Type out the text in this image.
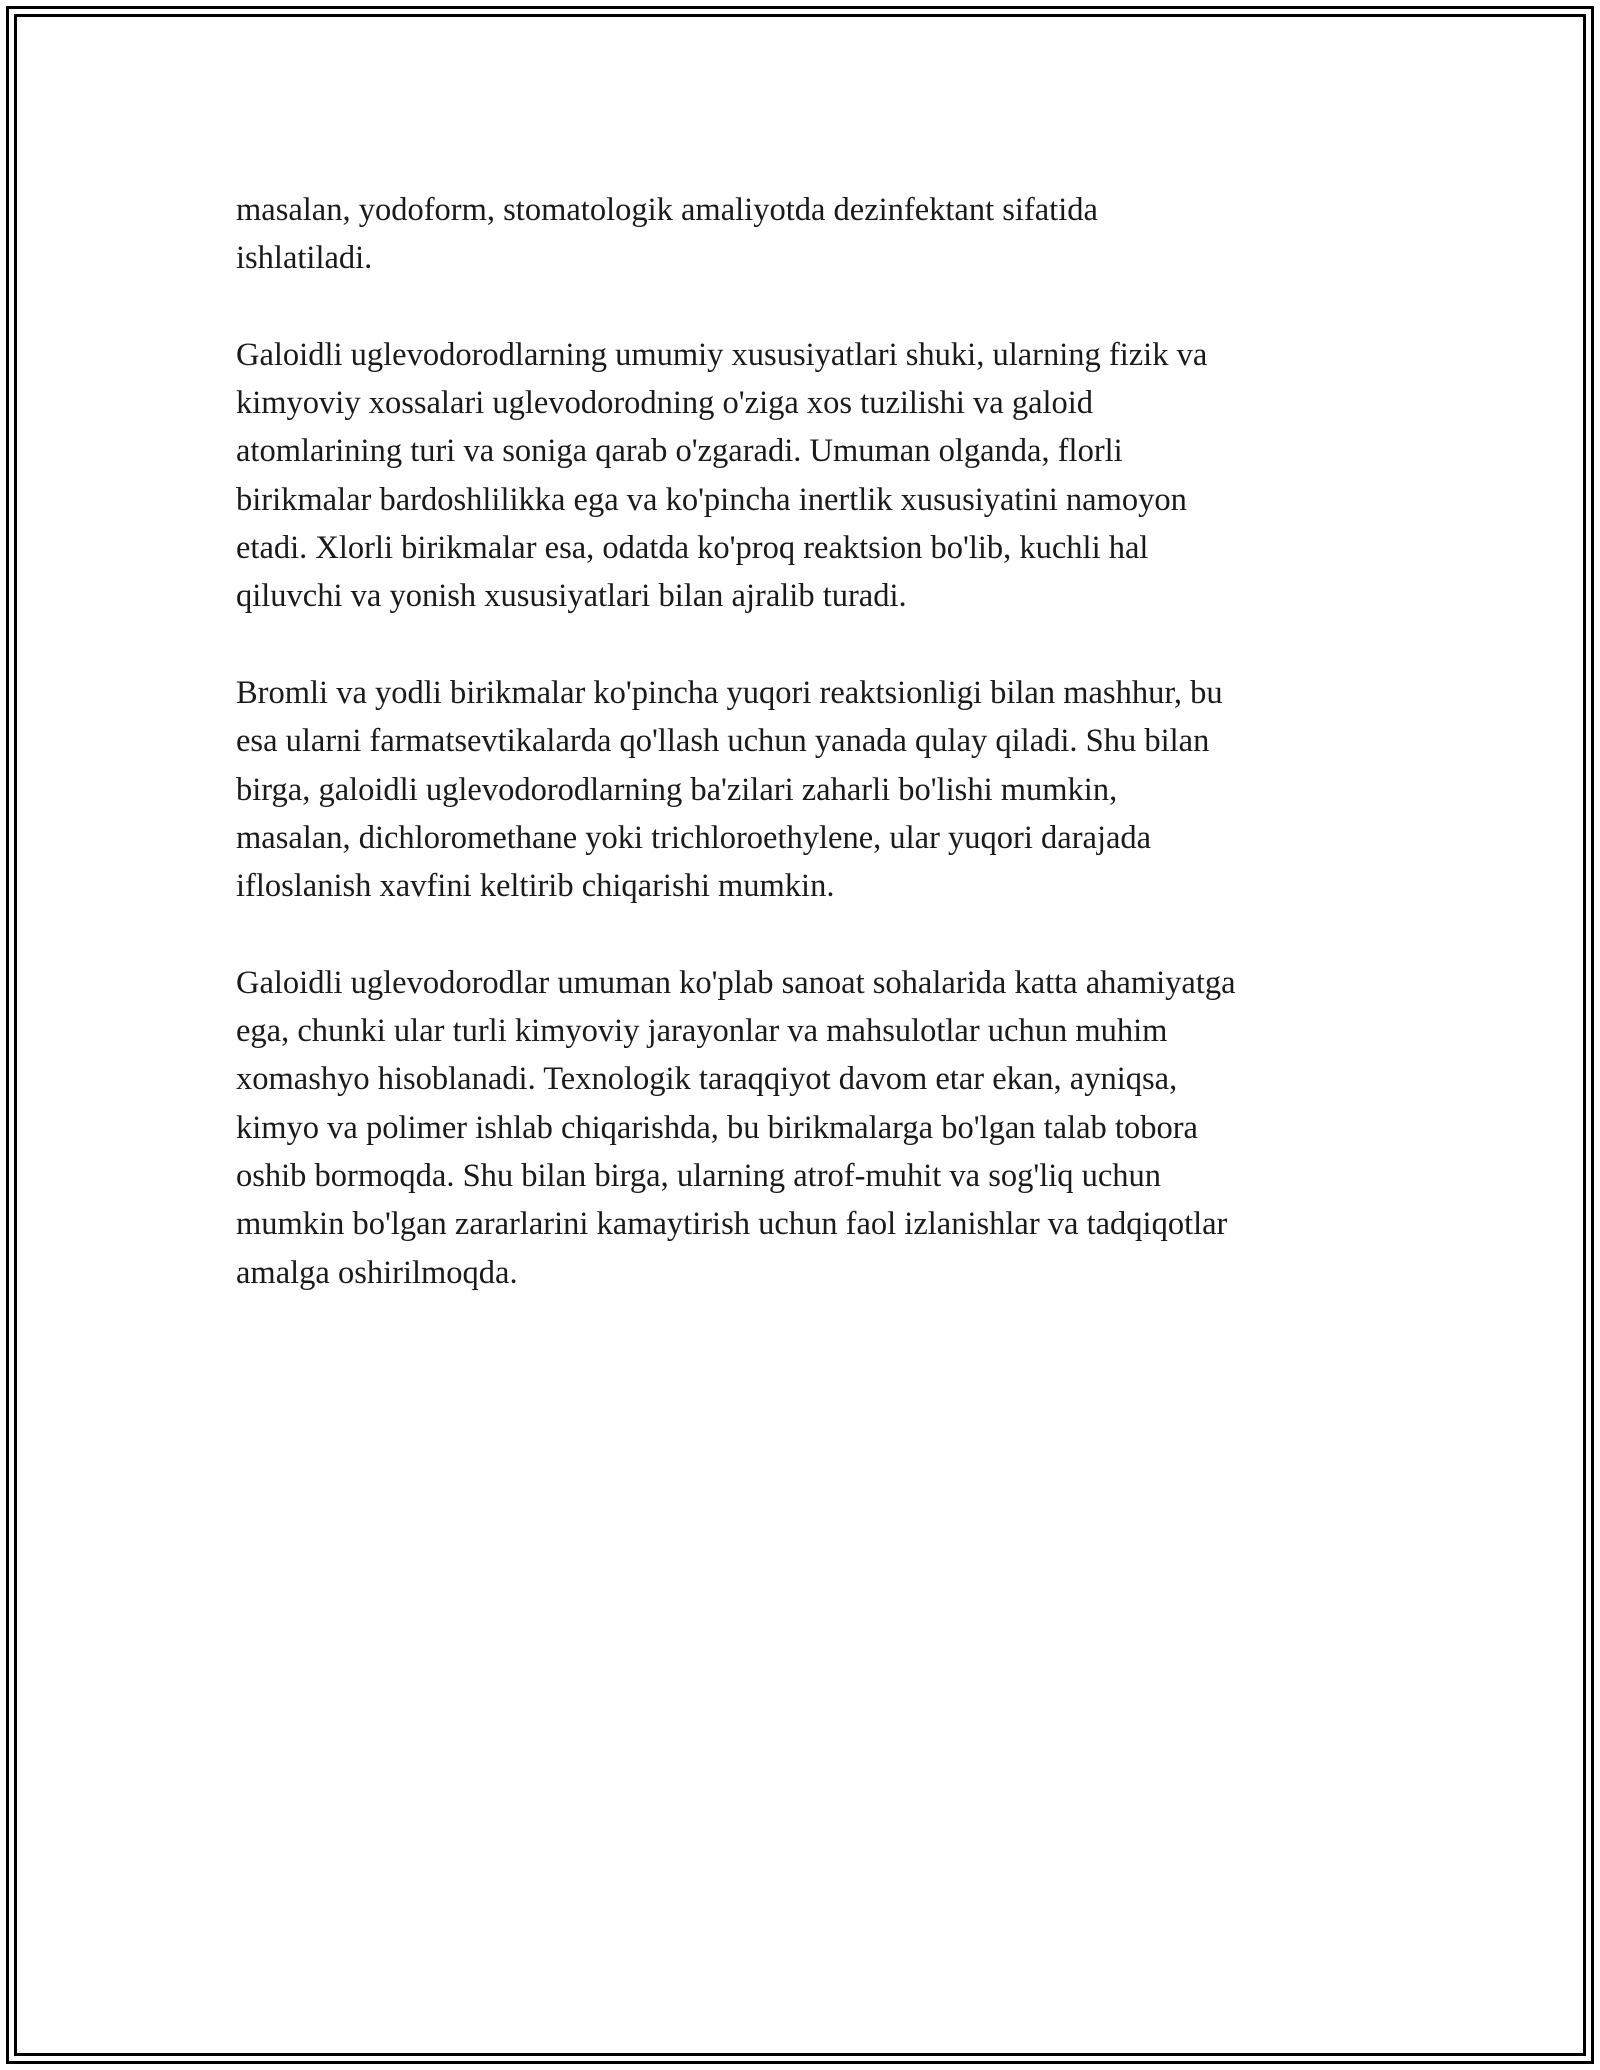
masalan, yodoform, stomatologik amaliyotda dezinfektant sifatida
ishlatiladi.

Galoidli uglevodorodlarning umumiy xususiyatlari shuki, ularning fizik va
kimyoviy xossalari uglevodorodning o'ziga xos tuzilishi va galoid
atomlarining turi va soniga qarab o'zgaradi. Umuman olganda, florli
birikmalar bardoshlilikka ega va ko'pincha inertlik xususiyatini namoyon
etadi. Xlorli birikmalar esa, odatda ko'proq reaktsion bo'lib, kuchli hal
qiluvchi va yonish xususiyatlari bilan ajralib turadi.

Bromli va yodli birikmalar ko'pincha yuqori reaktsionligi bilan mashhur, bu
esa ularni farmatsevtikalarda qo'llash uchun yanada qulay qiladi. Shu bilan
birga, galoidli uglevodorodlarning ba'zilari zaharli bo'lishi mumkin,
masalan, dichloromethane yoki trichloroethylene, ular yuqori darajada
ifloslanish xavfini keltirib chiqarishi mumkin.

Galoidli uglevodorodlar umuman ko'plab sanoat sohalarida katta ahamiyatga
ega, chunki ular turli kimyoviy jarayonlar va mahsulotlar uchun muhim
xomashyo hisoblanadi. Texnologik taraqqiyot davom etar ekan, ayniqsa,
kimyo va polimer ishlab chiqarishda, bu birikmalarga bo'lgan talab tobora
oshib bormoqda. Shu bilan birga, ularning atrof-muhit va sog'liq uchun
mumkin bo'lgan zararlarini kamaytirish uchun faol izlanishlar va tadqiqotlar
amalga oshirilmoqda.
